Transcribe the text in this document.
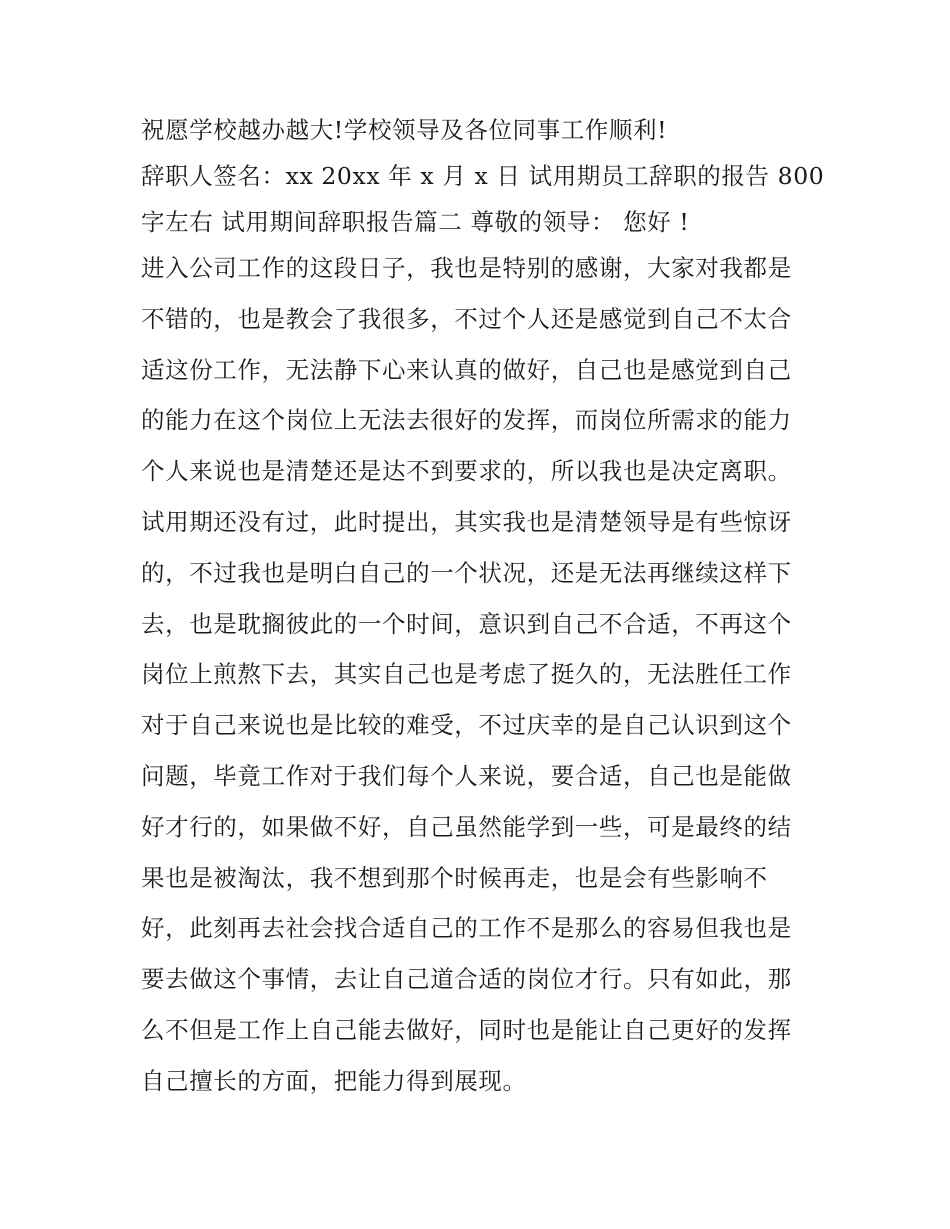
祝愿学校越办越大!学校领导及各位同事工作顺利!
辞职人签名：xx 20xx 年 x 月 x 日 试用期员工辞职的报告 800
字左右 试用期间辞职报告篇二 尊敬的领导： 您好 !
进入公司工作的这段日子，我也是特别的感谢，大家对我都是
不错的，也是教会了我很多，不过个人还是感觉到自己不太合
适这份工作，无法静下心来认真的做好，自己也是感觉到自己
的能力在这个岗位上无法去很好的发挥，而岗位所需求的能力
个人来说也是清楚还是达不到要求的，所以我也是决定离职。
试用期还没有过，此时提出，其实我也是清楚领导是有些惊讶
的，不过我也是明白自己的一个状况，还是无法再继续这样下
去，也是耽搁彼此的一个时间，意识到自己不合适，不再这个
岗位上煎熬下去，其实自己也是考虑了挺久的，无法胜任工作
对于自己来说也是比较的难受，不过庆幸的是自己认识到这个
问题，毕竟工作对于我们每个人来说，要合适，自己也是能做
好才行的，如果做不好，自己虽然能学到一些，可是最终的结
果也是被淘汰，我不想到那个时候再走，也是会有些影响不
好，此刻再去社会找合适自己的工作不是那么的容易但我也是
要去做这个事情，去让自己道合适的岗位才行。只有如此，那
么不但是工作上自己能去做好，同时也是能让自己更好的发挥
自己擅长的方面，把能力得到展现。
